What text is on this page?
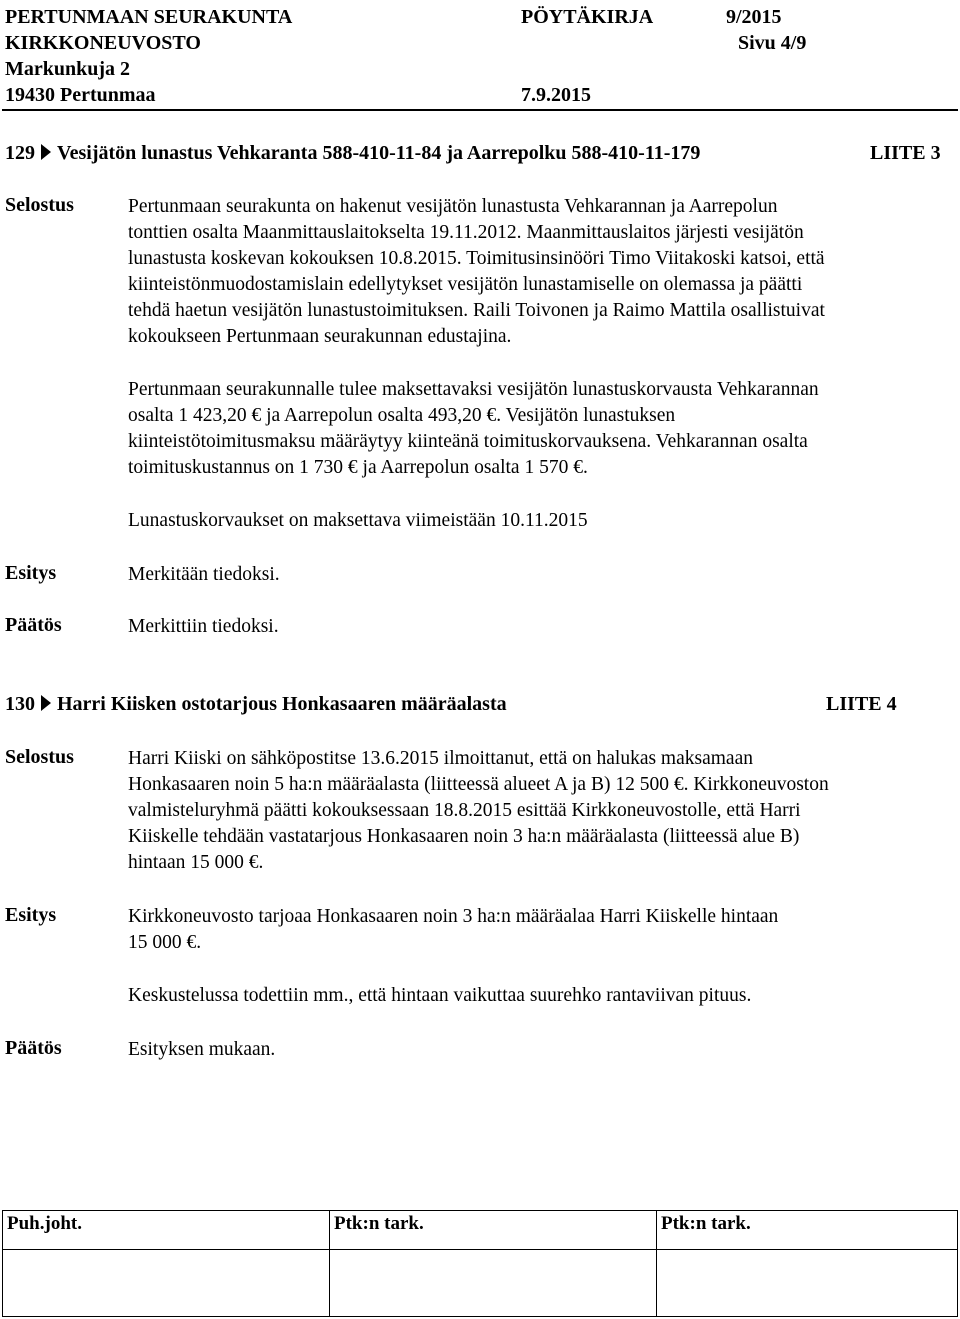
PERTUNMAAN SEURAKUNTA
KIRKKONEUVOSTO
Markunkuja 2
19430 Pertunmaa
PÖYTÄKIRJA	9/2015
Sivu 4/9
7.9.2015
129 Vesijätön lunastus Vehkaranta 588-410-11-84 ja Aarrepolku 588-410-11-179	LIITE 3
Selostus	Pertunmaan seurakunta on hakenut vesijätön lunastusta Vehkarannan ja Aarrepolun
tonttien osalta Maanmittauslaitokselta 19.11.2012. Maanmittauslaitos järjesti vesijätön
lunastusta koskevan kokouksen 10.8.2015. Toimitusinsinööri Timo Viitakoski katsoi, että
kiinteistönmuodostamislain edellytykset vesijätön lunastamiselle on olemassa ja päätti
tehdä haetun vesijätön lunastustoimituksen. Raili Toivonen ja Raimo Mattila osallistuivat
kokoukseen Pertunmaan seurakunnan edustajina.
Pertunmaan seurakunnalle tulee maksettavaksi vesijätön lunastuskorvausta Vehkarannan
osalta 1 423,20 € ja Aarrepolun osalta 493,20 €. Vesijätön lunastuksen
kiinteistötoimitusmaksu määräytyy kiinteänä toimituskorvauksena. Vehkarannan osalta
toimituskustannus on 1 730 € ja Aarrepolun osalta 1 570 €.
Lunastuskorvaukset on maksettava viimeistään 10.11.2015
Esitys	Merkitään tiedoksi.
Päätös	Merkittiin tiedoksi.
130 Harri Kiisken ostotarjous Honkasaaren määräalasta	LIITE 4
Selostus	Harri Kiiski on sähköpostitse 13.6.2015 ilmoittanut, että on halukas maksamaan
Honkasaaren noin 5 ha:n määräalasta (liitteessä alueet A ja B) 12 500 €. Kirkkoneuvoston
valmisteluryhmä päätti kokouksessaan 18.8.2015 esittää Kirkkoneuvostolle, että Harri
Kiiskelle tehdään vastatarjous Honkasaaren noin 3 ha:n määräalasta (liitteessä alue B)
hintaan 15 000 €.
Esitys	Kirkkoneuvosto tarjoaa Honkasaaren noin 3 ha:n määräalaa Harri Kiiskelle hintaan
15 000 €.
Keskustelussa todettiin mm., että hintaan vaikuttaa suurehko rantaviivan pituus.
Päätös	Esityksen mukaan.
Puh.joht.	Ptk:n tark.	Ptk:n tark.
